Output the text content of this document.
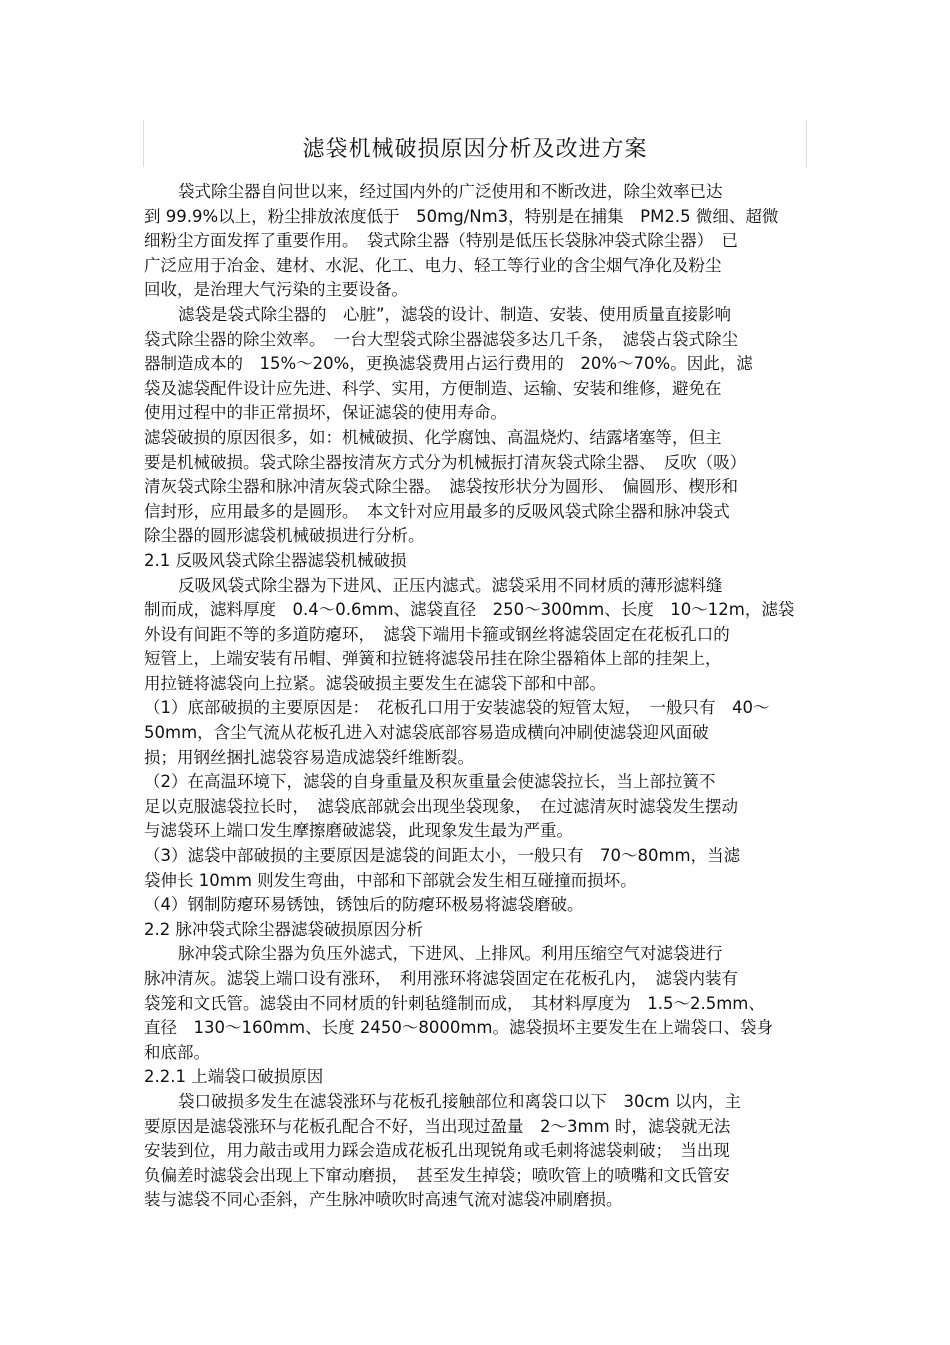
滤袋机械破损原因分析及改进方案
袋式除尘器自问世以来，经过国内外的广泛使用和不断改进，除尘效率已达
到 99.9%以上，粉尘排放浓度低于　50mg/Nm3，特别是在捕集　PM2.5 微细、超微
细粉尘方面发挥了重要作用。　袋式除尘器（特别是低压长袋脉冲袋式除尘器）　已
广泛应用于冶金、建材、水泥、化工、电力、轻工等行业的含尘烟气净化及粉尘
回收，是治理大气污染的主要设备。
滤袋是袋式除尘器的　心脏”，滤袋的设计、制造、安装、使用质量直接影响
袋式除尘器的除尘效率。　一台大型袋式除尘器滤袋多达几千条，　滤袋占袋式除尘
器制造成本的　15%～20%，更换滤袋费用占运行费用的　20%～70%。因此，滤
袋及滤袋配件设计应先进、科学、实用，方便制造、运输、安装和维修，避免在
使用过程中的非正常损坏，保证滤袋的使用寿命。
滤袋破损的原因很多，如：机械破损、化学腐蚀、高温烧灼、结露堵塞等，但主
要是机械破损。袋式除尘器按清灰方式分为机械振打清灰袋式除尘器、　反吹（吸）
清灰袋式除尘器和脉冲清灰袋式除尘器。　滤袋按形状分为圆形、　偏圆形、楔形和
信封形，应用最多的是圆形。　本文针对应用最多的反吸风袋式除尘器和脉冲袋式
除尘器的圆形滤袋机械破损进行分析。
2.1 反吸风袋式除尘器滤袋机械破损
反吸风袋式除尘器为下进风、正压内滤式。滤袋采用不同材质的薄形滤料缝
制而成，滤料厚度　0.4～0.6mm、滤袋直径　250～300mm、长度　10～12m，滤袋
外设有间距不等的多道防瘪环，　滤袋下端用卡箍或钢丝将滤袋固定在花板孔口的
短管上，上端安装有吊帽、弹簧和拉链将滤袋吊挂在除尘器箱体上部的挂架上，
用拉链将滤袋向上拉紧。滤袋破损主要发生在滤袋下部和中部。
（1）底部破损的主要原因是：　花板孔口用于安装滤袋的短管太短，　一般只有　40～
50mm，含尘气流从花板孔进入对滤袋底部容易造成横向冲刷使滤袋迎风面破
损；用钢丝捆扎滤袋容易造成滤袋纤维断裂。
（2）在高温环境下，滤袋的自身重量及积灰重量会使滤袋拉长，当上部拉簧不
足以克服滤袋拉长时，　滤袋底部就会出现坐袋现象，　在过滤清灰时滤袋发生摆动
与滤袋环上端口发生摩擦磨破滤袋，此现象发生最为严重。
（3）滤袋中部破损的主要原因是滤袋的间距太小，一般只有　70～80mm，当滤
袋伸长 10mm 则发生弯曲，中部和下部就会发生相互碰撞而损坏。
（4）钢制防瘪环易锈蚀，锈蚀后的防瘪环极易将滤袋磨破。
2.2 脉冲袋式除尘器滤袋破损原因分析
脉冲袋式除尘器为负压外滤式，下进风、上排风。利用压缩空气对滤袋进行
脉冲清灰。滤袋上端口设有涨环，　利用涨环将滤袋固定在花板孔内，　滤袋内装有
袋笼和文氏管。滤袋由不同材质的针刺毡缝制而成，　其材料厚度为　1.5～2.5mm、
直径　130～160mm、长度 2450～8000mm。滤袋损坏主要发生在上端袋口、袋身
和底部。
2.2.1 上端袋口破损原因
袋口破损多发生在滤袋涨环与花板孔接触部位和离袋口以下　30cm 以内，主
要原因是滤袋涨环与花板孔配合不好，当出现过盈量　2～3mm 时，滤袋就无法
安装到位，用力敲击或用力踩会造成花板孔出现锐角或毛刺将滤袋刺破；　当出现
负偏差时滤袋会出现上下窜动磨损，　甚至发生掉袋；喷吹管上的喷嘴和文氏管安
装与滤袋不同心歪斜，产生脉冲喷吹时高速气流对滤袋冲刷磨损。
